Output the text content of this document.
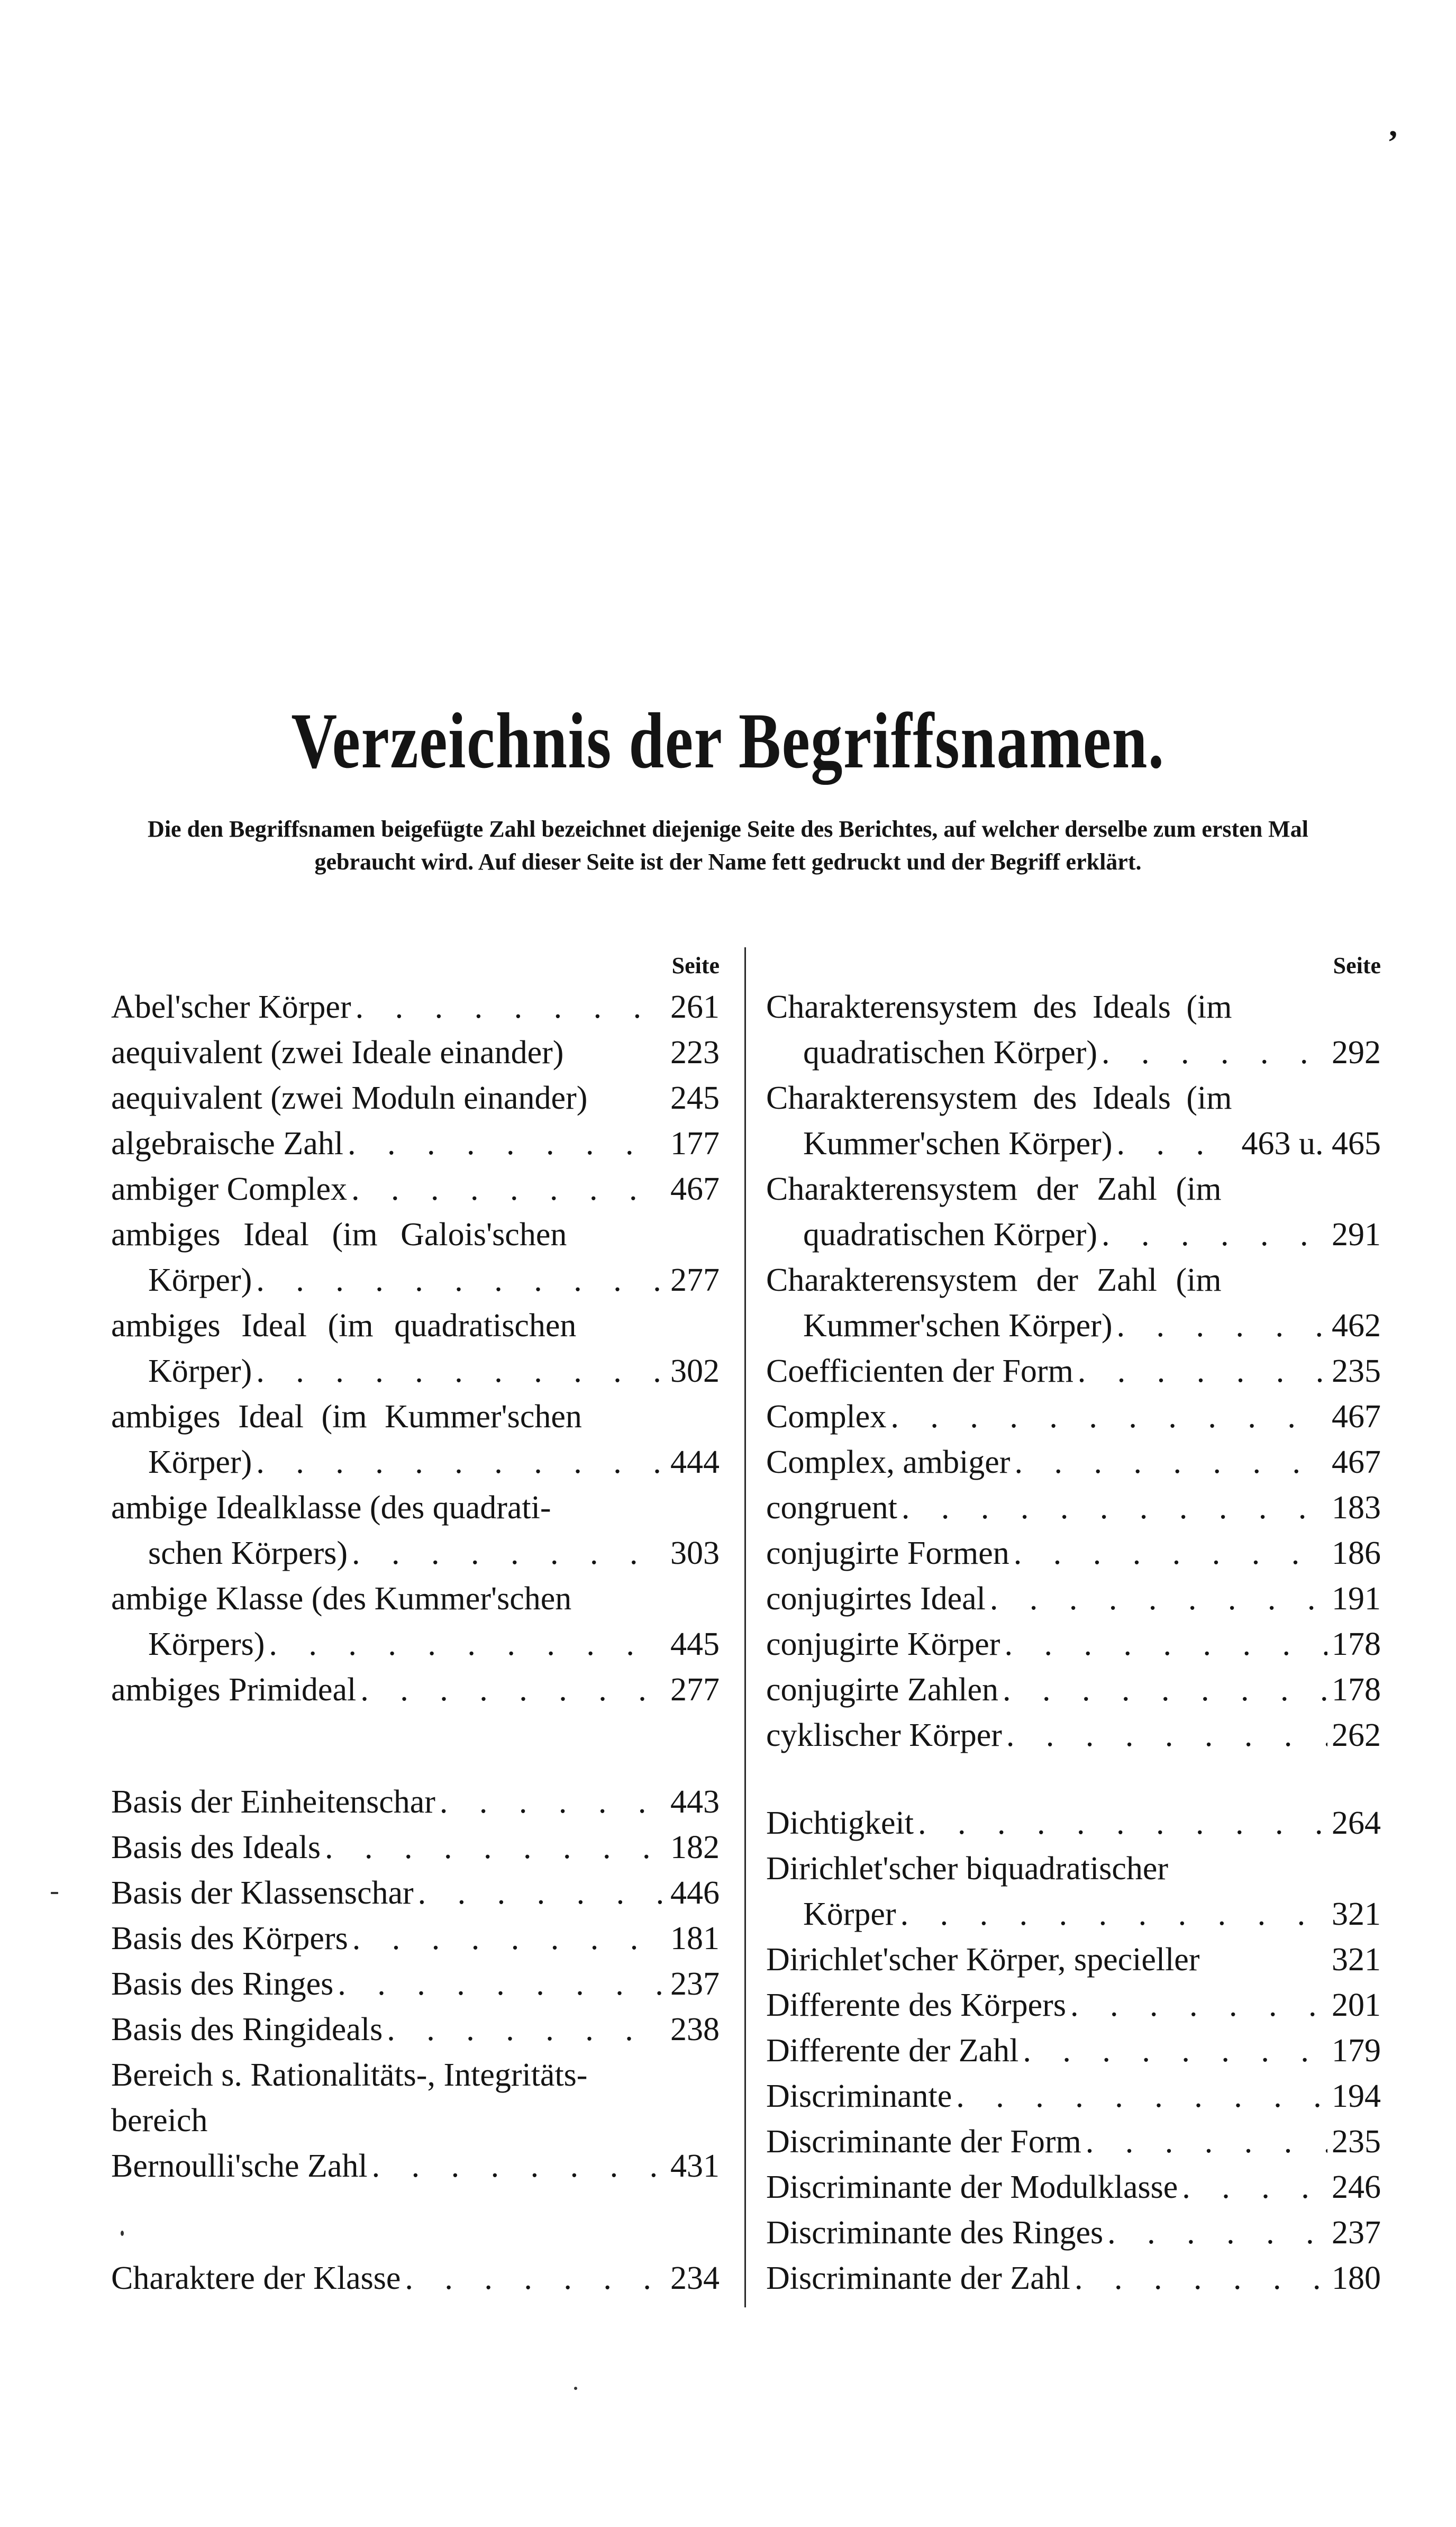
’
Verzeichnis der Begriffsnamen.
Die den Begriffsnamen beigefügte Zahl bezeichnet diejenige Seite des Berichtes, auf welcher derselbe zum ersten Mal gebraucht wird. Auf dieser Seite ist der Name fett gedruckt und der Begriff erklärt.
Seite
Abel'scher Körper . . .	261
aequivalent (zwei Ideale einander)	223
aequivalent (zwei Moduln einander)	245
algebraische Zahl . . .	177
ambiger Complex . . .	467
ambiges Ideal (im Galois'schen
Körper) . . .	277
ambiges Ideal (im quadratischen
Körper) . . .	302
ambiges Ideal (im Kummer'schen
Körper) . . .	444
ambige Idealklasse (des quadrati-
schen Körpers) . . .	303
ambige Klasse (des Kummer'schen
Körpers) . . .	445
ambiges Primideal . . .	277
Basis der Einheitenschar . . .	443
Basis des Ideals . . .	182
Basis der Klassenschar . . .	446
Basis des Körpers . . .	181
Basis des Ringes . . .	237
Basis des Ringideals . . .	238
Bereich s. Rationalitäts-, Integritäts-
bereich
Bernoulli'sche Zahl . . .	431
Charaktere der Klasse . . .	234
Seite
Charakterensystem des Ideals (im
quadratischen Körper) . . .	292
Charakterensystem des Ideals (im
Kummer'schen Körper) . . .	463 u. 465
Charakterensystem der Zahl (im
quadratischen Körper) . . .	291
Charakterensystem der Zahl (im
Kummer'schen Körper) . . .	462
Coefficienten der Form . . .	235
Complex . . .	467
Complex, ambiger . . .	467
congruent . . .	183
conjugirte Formen . . .	186
conjugirtes Ideal . . .	191
conjugirte Körper . . .	178
conjugirte Zahlen . . .	178
cyklischer Körper . . .	262
Dichtigkeit . . .	264
Dirichlet'scher biquadratischer
Körper . . .	321
Dirichlet'scher Körper, specieller	321
Differente des Körpers . . .	201
Differente der Zahl . . .	179
Discriminante . . .	194
Discriminante der Form . . .	235
Discriminante der Modulklasse . . .	246
Discriminante des Ringes . . .	237
Discriminante der Zahl . . .	180
